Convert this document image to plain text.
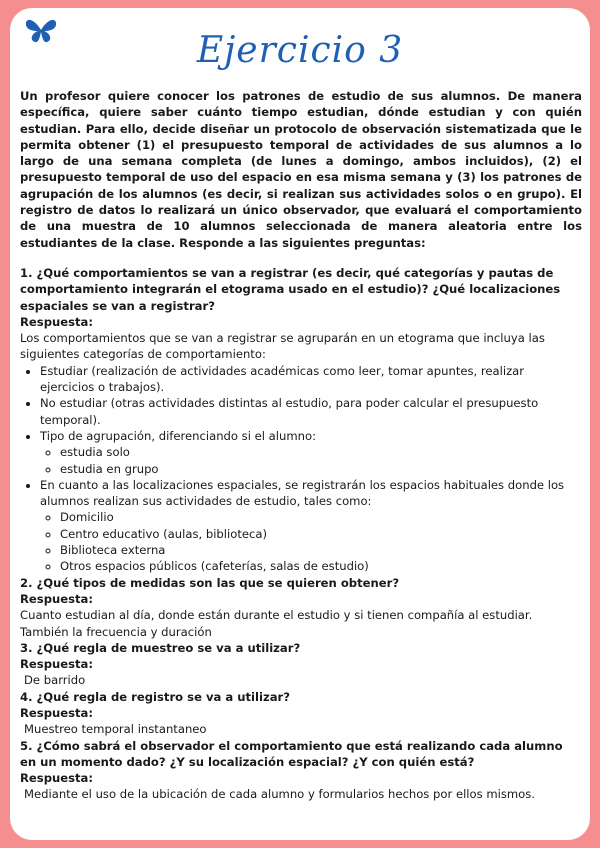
Ejercicio 3

Un profesor quiere conocer los patrones de estudio de sus alumnos. De manera específica, quiere saber cuánto tiempo estudian, dónde estudian y con quién estudian. Para ello, decide diseñar un protocolo de observación sistematizada que le permita obtener (1) el presupuesto temporal de actividades de sus alumnos a lo largo de una semana completa (de lunes a domingo, ambos incluidos), (2) el presupuesto temporal de uso del espacio en esa misma semana y (3) los patrones de agrupación de los alumnos (es decir, si realizan sus actividades solos o en grupo). El registro de datos lo realizará un único observador, que evaluará el comportamiento de una muestra de 10 alumnos seleccionada de manera aleatoria entre los estudiantes de la clase. Responde a las siguientes preguntas:

1. ¿Qué comportamientos se van a registrar (es decir, qué categorías y pautas de comportamiento integrarán el etograma usado en el estudio)? ¿Qué localizaciones espaciales se van a registrar?

Respuesta:

Los comportamientos que se van a registrar se agruparán en un etograma que incluya las siguientes categorías de comportamiento:

• Estudiar (realización de actividades académicas como leer, tomar apuntes, realizar ejercicios o trabajos).
• No estudiar (otras actividades distintas al estudio, para poder calcular el presupuesto temporal).
• Tipo de agrupación, diferenciando si el alumno:
◦ estudia solo
◦ estudia en grupo
• En cuanto a las localizaciones espaciales, se registrarán los espacios habituales donde los alumnos realizan sus actividades de estudio, tales como:
◦ Domicilio
◦ Centro educativo (aulas, biblioteca)
◦ Biblioteca externa
◦ Otros espacios públicos (cafeterías, salas de estudio)

2. ¿Qué tipos de medidas son las que se quieren obtener?

Respuesta:

Cuanto estudian al día, donde están durante el estudio y si tienen compañía al estudiar. También la frecuencia y duración

3. ¿Qué regla de muestreo se va a utilizar?

Respuesta:

De barrido

4. ¿Qué regla de registro se va a utilizar?

Respuesta:

Muestreo temporal instantaneo

5. ¿Cómo sabrá el observador el comportamiento que está realizando cada alumno en un momento dado? ¿Y su localización espacial? ¿Y con quién está?

Respuesta:

Mediante el uso de la ubicación de cada alumno y formularios hechos por ellos mismos.
